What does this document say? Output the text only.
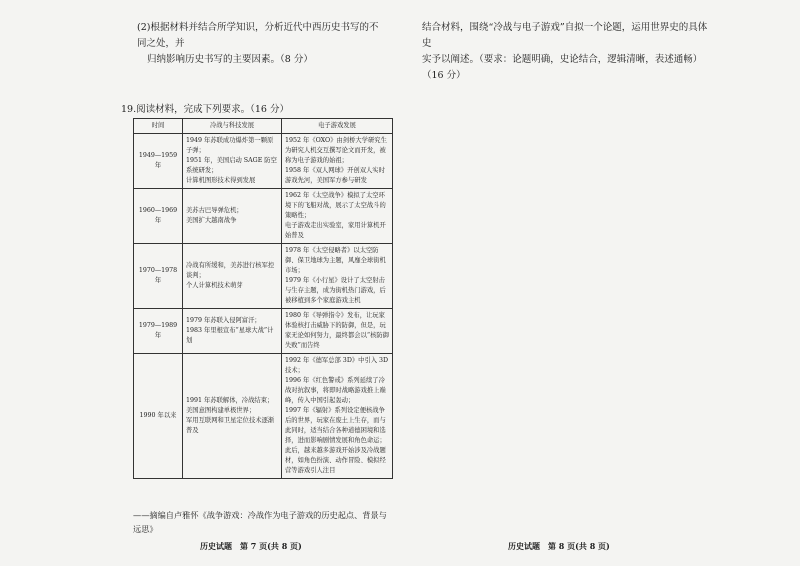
(2)根据材料并结合所学知识，分析近代中西历史书写的不同之处，并
归纳影响历史书写的主要因素。（8 分）
19.阅读材料，完成下列要求。（16 分）
时间	冷战与科技发展	电子游戏发展
1949—1959 年	1949 年苏联成功爆炸第一颗原子弹；
1951 年，美国启动 SAGE 防空系统研发；
计算机图形技术得到发展	1952 年《OXO》由剑桥大学研究生为研究人机交互撰写论文而开发，被称为电子游戏的始祖；
1958 年《双人网球》开创双人实时游戏先河，美国军方参与研发

1960—1969 年	美苏古巴导弹危机；
美国扩大越南战争	1962 年《太空战争》模拟了太空环境下的飞船对战，展示了太空战斗的策略性；
电子游戏走出实验室，家用计算机开始普及

1970—1978 年	冷战有所缓和，美苏进行核军控谈判；
个人计算机技术萌芽	1978 年《太空侵略者》以太空防御、保卫地球为主题，风靡全球街机市场；
1979 年《小行星》设计了太空射击与生存主题，成为街机热门游戏，后被移植到多个家庭游戏主机

1979—1989 年	1979 年苏联入侵阿富汗；
1983 年里根宣布“星球大战”计划	1980 年《导弹指令》发布，让玩家体验核打击威胁下的防御，但是，玩家无论如何努力，最终都会以“核防御失败”而告终

1990 年以来	1991 年苏联解体，冷战结束；
美国意图构建单极世界；
军用互联网和卫星定位技术逐渐普及	1992 年《德军总部 3D》中引入 3D 技术；
1996 年《红色警戒》系列延续了冷战对抗叙事，将即时战略游戏推上巅峰，传入中国引起轰动；
1997 年《辐射》系列设定便核战争后的世界，玩家在废土上生存，而与此同时，适当结合各种道德困境和选择，进而影响剧情发展和角色命运；
此后，越来越多游戏开始涉及冷战题材，如角色扮演、动作冒险、模拟经营等游戏引人注目
——摘编自卢雅怀《战争游戏：冷战作为电子游戏的历史起点、背景与远思》
历史试题　第 7 页(共 8 页)
结合材料，围绕“冷战与电子游戏”自拟一个论题，运用世界史的具体史
实予以阐述。（要求：论题明确，史论结合，逻辑清晰，表述通畅）
（16 分）
历史试题　第 8 页(共 8 页)
